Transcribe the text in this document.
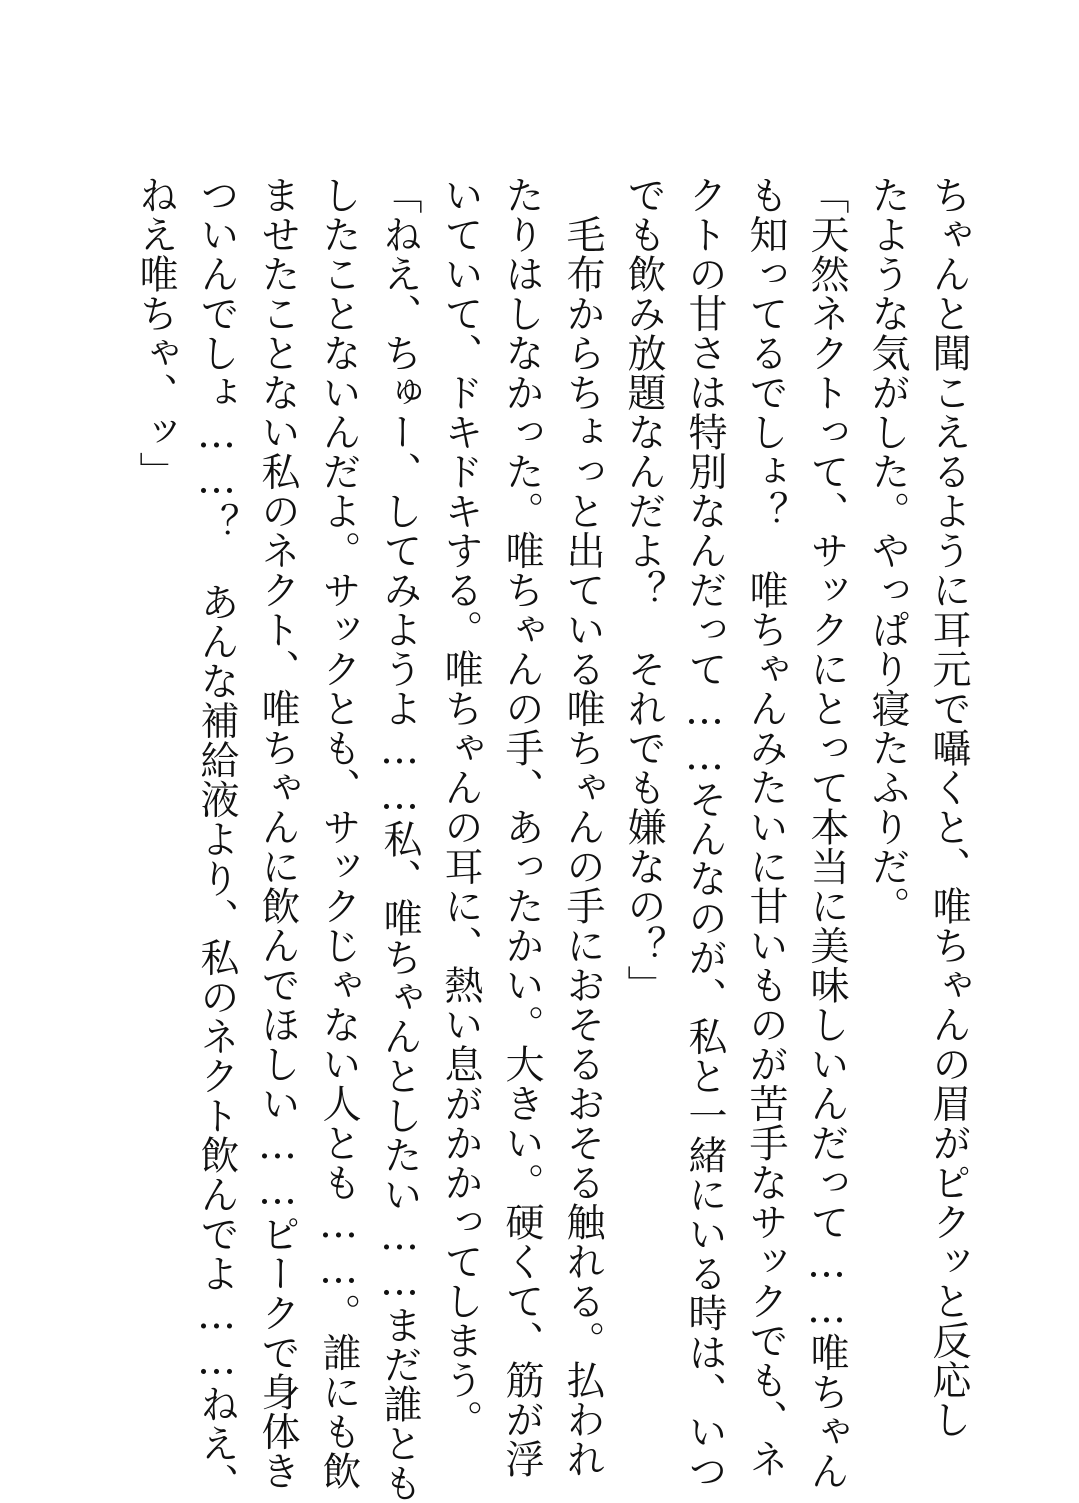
ちゃんと聞こえるように耳元で囁くと、唯ちゃんの眉がピクッと反応し
たような気がした。やっぱり寝たふりだ。
「天然ネクトって、サックにとって本当に美味しいんだって……唯ちゃん
も知ってるでしょ？　唯ちゃんみたいに甘いものが苦手なサックでも、ネ
クトの甘さは特別なんだって……そんなのが、私と一緒にいる時は、いつ
でも飲み放題なんだよ？　それでも嫌なの？」
　毛布からちょっと出ている唯ちゃんの手におそるおそる触れる。払われ
たりはしなかった。唯ちゃんの手、あったかい。大きい。硬くて、筋が浮
いていて、ドキドキする。唯ちゃんの耳に、熱い息がかかってしまう。
「ねえ、ちゅー、してみようよ……私、唯ちゃんとしたい……まだ誰とも
したことないんだよ。サックとも、サックじゃない人とも……。誰にも飲
ませたことない私のネクト、唯ちゃんに飲んでほしい……ピークで身体き
ついんでしょ……？　あんな補給液より、私のネクト飲んでよ……ねえ、
ねえ唯ちゃ、ッ」
